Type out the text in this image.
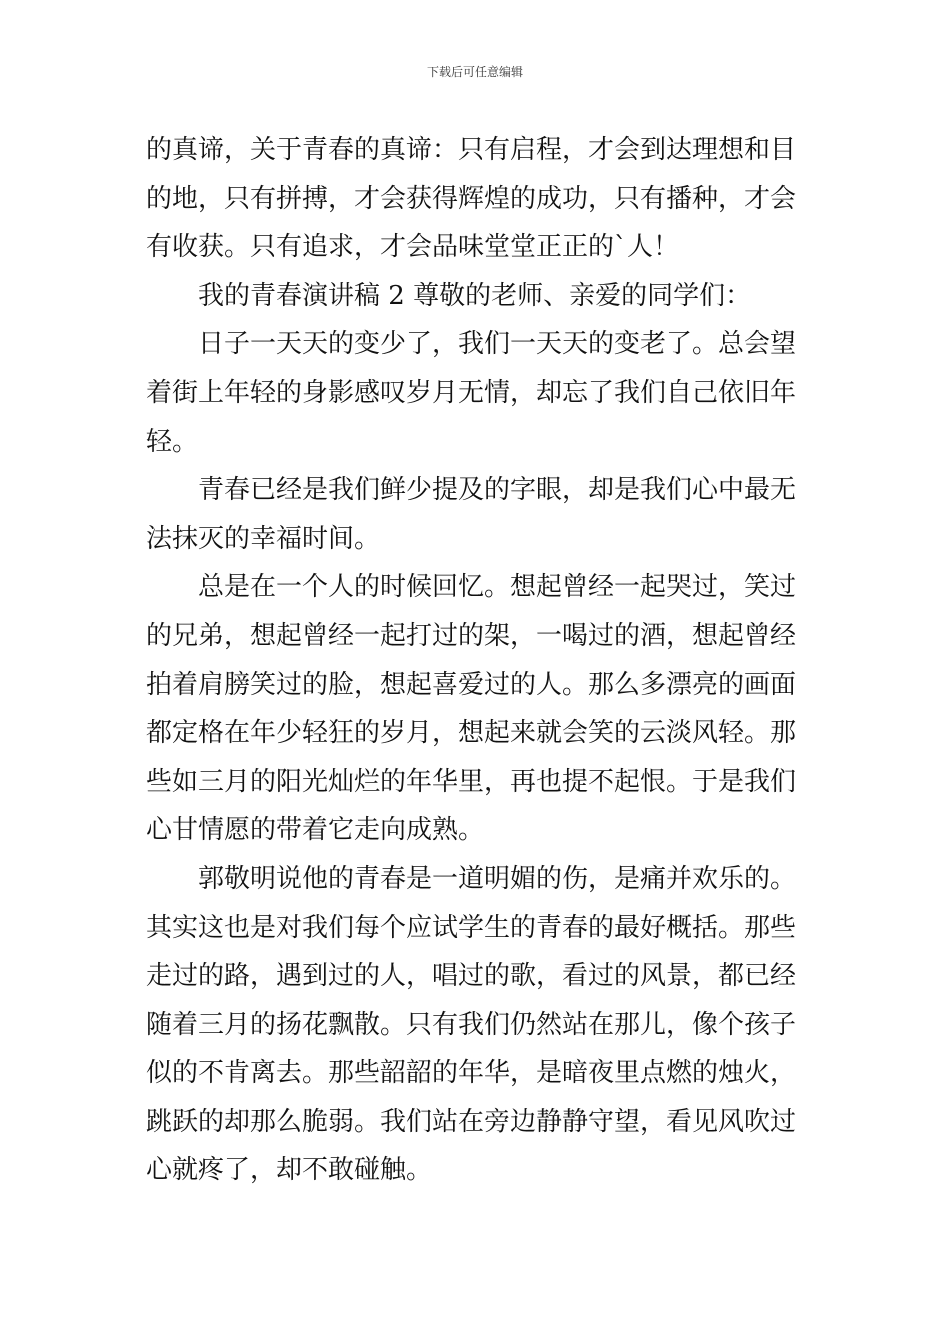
下载后可任意编辑
的真谛，关于青春的真谛：只有启程，才会到达理想和目
的地，只有拼搏，才会获得辉煌的成功，只有播种，才会
有收获。只有追求，才会品味堂堂正正的`人！
我的青春演讲稿 2 尊敬的老师、亲爱的同学们：
日子一天天的变少了，我们一天天的变老了。总会望
着街上年轻的身影感叹岁月无情，却忘了我们自己依旧年
轻。
青春已经是我们鲜少提及的字眼，却是我们心中最无
法抹灭的幸福时间。
总是在一个人的时候回忆。想起曾经一起哭过，笑过
的兄弟，想起曾经一起打过的架，一喝过的酒，想起曾经
拍着肩膀笑过的脸，想起喜爱过的人。那么多漂亮的画面
都定格在年少轻狂的岁月，想起来就会笑的云淡风轻。那
些如三月的阳光灿烂的年华里，再也提不起恨。于是我们
心甘情愿的带着它走向成熟。
郭敬明说他的青春是一道明媚的伤，是痛并欢乐的。
其实这也是对我们每个应试学生的青春的最好概括。那些
走过的路，遇到过的人，唱过的歌，看过的风景，都已经
随着三月的扬花飘散。只有我们仍然站在那儿，像个孩子
似的不肯离去。那些韶韶的年华，是暗夜里点燃的烛火，
跳跃的却那么脆弱。我们站在旁边静静守望，看见风吹过
心就疼了，却不敢碰触。
